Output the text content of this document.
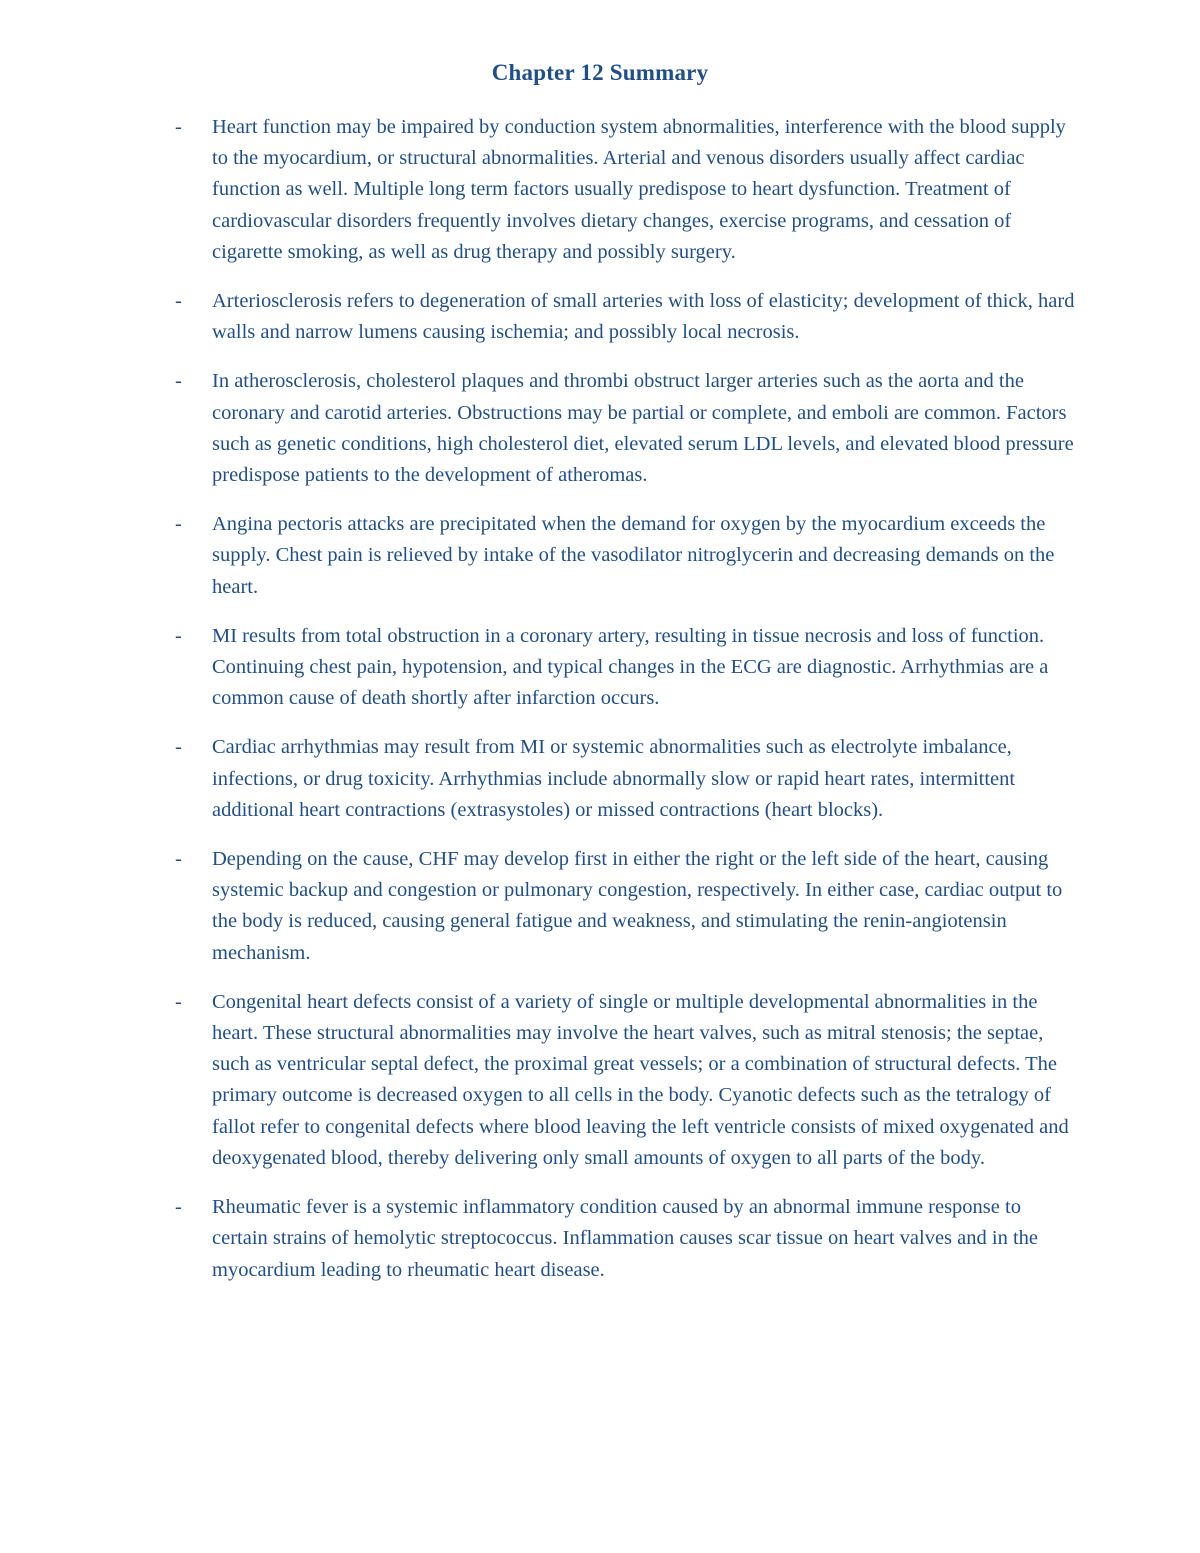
Chapter 12 Summary
-	Heart function may be impaired by conduction system abnormalities, interference with the blood supply to the myocardium, or structural abnormalities. Arterial and venous disorders usually affect cardiac function as well. Multiple long term factors usually predispose to heart dysfunction. Treatment of cardiovascular disorders frequently involves dietary changes, exercise programs, and cessation of cigarette smoking, as well as drug therapy and possibly surgery.
-	Arteriosclerosis refers to degeneration of small arteries with loss of elasticity; development of thick, hard walls and narrow lumens causing ischemia; and possibly local necrosis.
-	In atherosclerosis, cholesterol plaques and thrombi obstruct larger arteries such as the aorta and the coronary and carotid arteries. Obstructions may be partial or complete, and emboli are common. Factors such as genetic conditions, high cholesterol diet, elevated serum LDL levels, and elevated blood pressure predispose patients to the development of atheromas.
-	Angina pectoris attacks are precipitated when the demand for oxygen by the myocardium exceeds the supply. Chest pain is relieved by intake of the vasodilator nitroglycerin and decreasing demands on the heart.
-	MI results from total obstruction in a coronary artery, resulting in tissue necrosis and loss of function. Continuing chest pain, hypotension, and typical changes in the ECG are diagnostic. Arrhythmias are a common cause of death shortly after infarction occurs.
-	Cardiac arrhythmias may result from MI or systemic abnormalities such as electrolyte imbalance, infections, or drug toxicity. Arrhythmias include abnormally slow or rapid heart rates, intermittent additional heart contractions (extrasystoles) or missed contractions (heart blocks).
-	Depending on the cause, CHF may develop first in either the right or the left side of the heart, causing systemic backup and congestion or pulmonary congestion, respectively. In either case, cardiac output to the body is reduced, causing general fatigue and weakness, and stimulating the renin-angiotensin mechanism.
-	Congenital heart defects consist of a variety of single or multiple developmental abnormalities in the heart. These structural abnormalities may involve the heart valves, such as mitral stenosis; the septae, such as ventricular septal defect, the proximal great vessels; or a combination of structural defects. The primary outcome is decreased oxygen to all cells in the body. Cyanotic defects such as the tetralogy of fallot refer to congenital defects where blood leaving the left ventricle consists of mixed oxygenated and deoxygenated blood, thereby delivering only small amounts of oxygen to all parts of the body.
-	Rheumatic fever is a systemic inflammatory condition caused by an abnormal immune response to certain strains of hemolytic streptococcus. Inflammation causes scar tissue on heart valves and in the myocardium leading to rheumatic heart disease.
